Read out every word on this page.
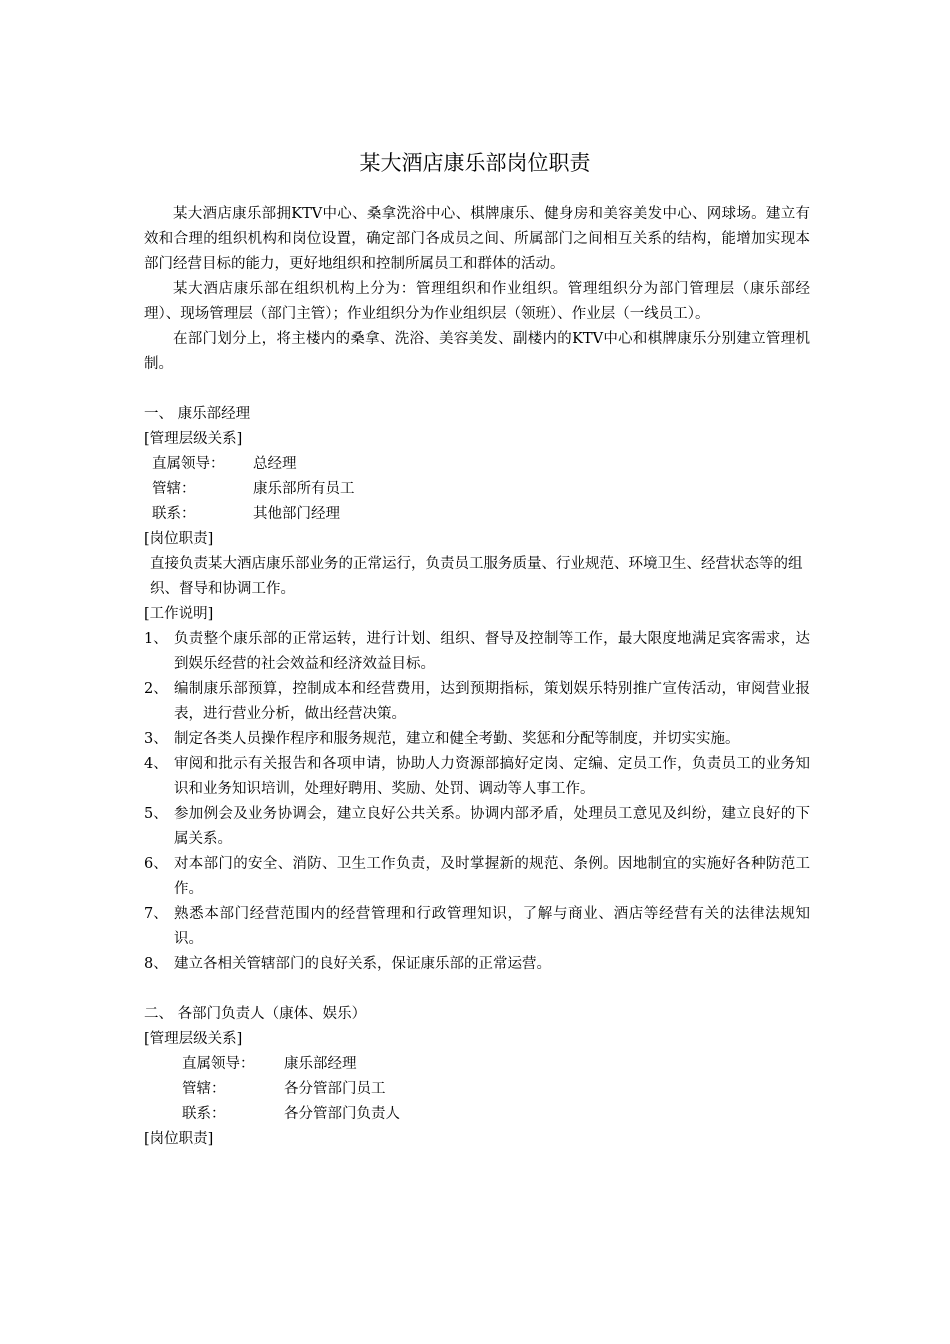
某大酒店康乐部岗位职责

某大酒店康乐部拥KTV中心、桑拿洗浴中心、棋牌康乐、健身房和美容美发中心、网球场。建立有效和合理的组织机构和岗位设置，确定部门各成员之间、所属部门之间相互关系的结构，能增加实现本部门经营目标的能力，更好地组织和控制所属员工和群体的活动。

某大酒店康乐部在组织机构上分为：管理组织和作业组织。管理组织分为部门管理层（康乐部经理）、现场管理层（部门主管）；作业组织分为作业组织层（领班）、作业层（一线员工）。

在部门划分上，将主楼内的桑拿、洗浴、美容美发、副楼内的KTV中心和棋牌康乐分别建立管理机制。

一、 康乐部经理

[管理层级关系]

直属领导：	总经理
管辖：	康乐部所有员工
联系：	其他部门经理

[岗位职责]

直接负责某大酒店康乐部业务的正常运行，负责员工服务质量、行业规范、环境卫生、经营状态等的组织、督导和协调工作。

[工作说明]

1、 负责整个康乐部的正常运转，进行计划、组织、督导及控制等工作，最大限度地满足宾客需求，达到娱乐经营的社会效益和经济效益目标。
2、 编制康乐部预算，控制成本和经营费用，达到预期指标，策划娱乐特别推广宣传活动，审阅营业报表，进行营业分析，做出经营决策。
3、 制定各类人员操作程序和服务规范，建立和健全考勤、奖惩和分配等制度，并切实实施。
4、 审阅和批示有关报告和各项申请，协助人力资源部搞好定岗、定编、定员工作，负责员工的业务知识和业务知识培训，处理好聘用、奖励、处罚、调动等人事工作。
5、 参加例会及业务协调会，建立良好公共关系。协调内部矛盾，处理员工意见及纠纷，建立良好的下属关系。
6、 对本部门的安全、消防、卫生工作负责，及时掌握新的规范、条例。因地制宜的实施好各种防范工作。
7、 熟悉本部门经营范围内的经营管理和行政管理知识，了解与商业、酒店等经营有关的法律法规知识。
8、 建立各相关管辖部门的良好关系，保证康乐部的正常运营。

二、 各部门负责人（康体、娱乐）

[管理层级关系]

直属领导：	康乐部经理
管辖：	各分管部门员工
联系：	各分管部门负责人

[岗位职责]
